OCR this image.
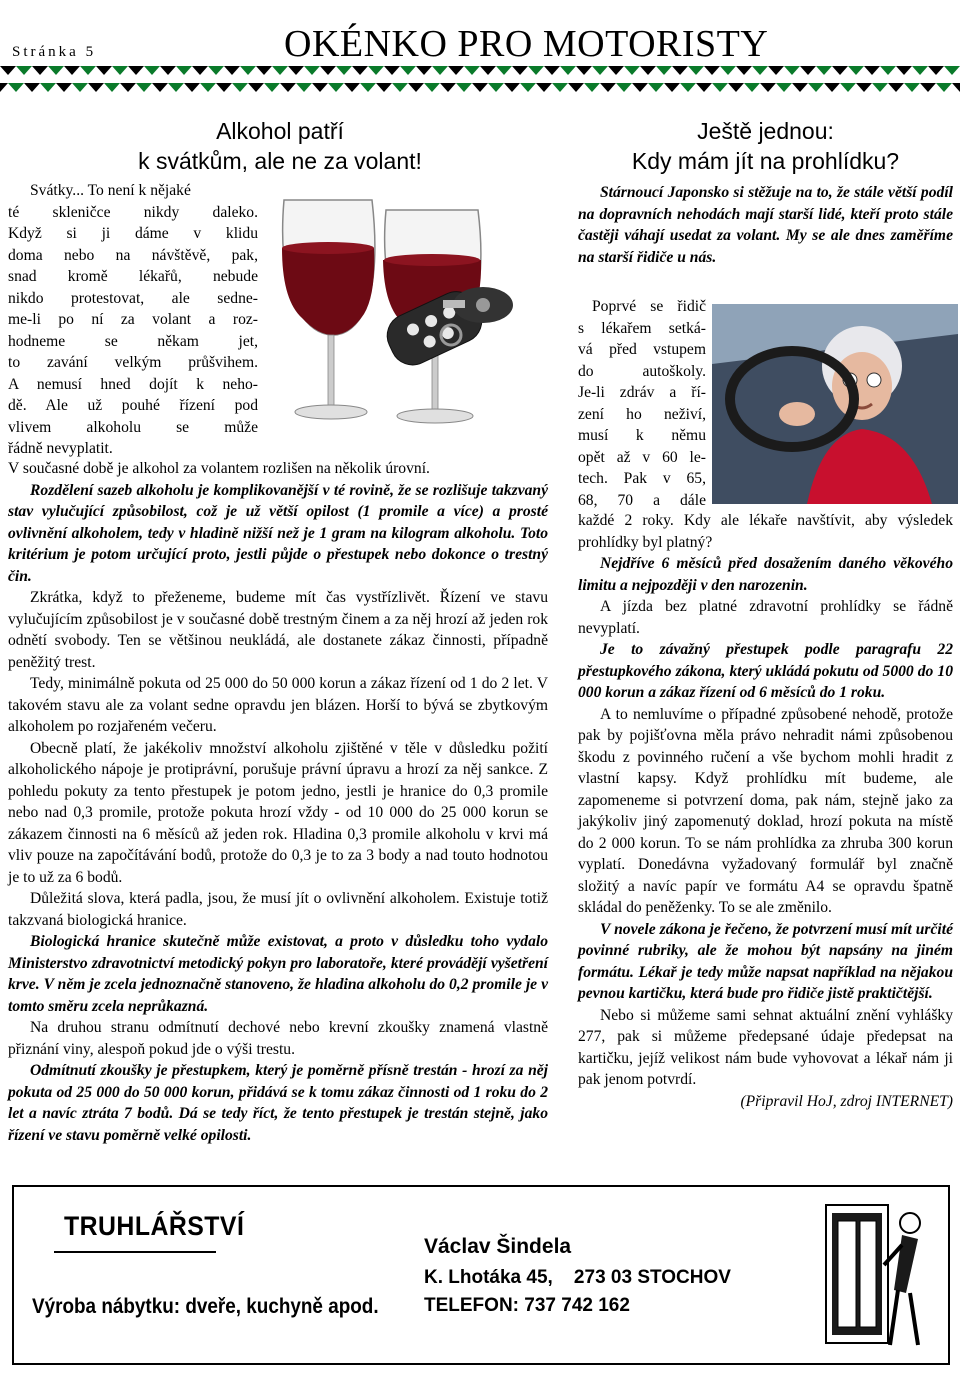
Stránka 5	OKÉNKO PRO MOTORISTY
Alkohol patří
k svátkům, ale ne za volant!
Svátky... To není k nějaké
té skleničce nikdy daleko.
Když si ji dáme v klidu
doma nebo na návštěvě, pak,
snad kromě lékařů, nebude
nikdo protestovat, ale sedne-
me-li po ní za volant a roz-
hodneme se někam jet,
to zavání velkým průšvihem.
A nemusí hned dojít k neho-
dě. Ale už pouhé řízení pod
vlivem alkoholu se může
řádně nevyplatit.

V současné době je alkohol za volantem rozlišen na několik úrovní.

Rozdělení sazeb alkoholu je komplikovanější v té rovině, že se rozlišuje takzvaný stav vylučující způsobilost, což je už větší opilost (1 promile a více) a prosté ovlivnění alkoholem, tedy v hladině nižší než je 1 gram na kilogram alkoholu. Toto kritérium je potom určující proto, jestli půjde o přestupek nebo dokonce o trestný čin.

Zkrátka, když to přeženeme, budeme mít čas vystřízlivět. Řízení ve stavu vylučujícím způsobilost je v současné době trestným činem a za něj hrozí až jeden rok odnětí svobody. Ten se většinou neukládá, ale dostanete zákaz činnosti, případně peněžitý trest.

Tedy, minimálně pokuta od 25 000 do 50 000 korun a zákaz řízení od 1 do 2 let. V takovém stavu ale za volant sedne opravdu jen blázen. Horší to bývá se zbytkovým alkoholem po rozjařeném večeru.

Obecně platí, že jakékoliv množství alkoholu zjištěné v těle v důsledku požití alkoholického nápoje je protiprávní, porušuje právní úpravu a hrozí za něj sankce. Z pohledu pokuty za tento přestupek je potom jedno, jestli je hranice do 0,3 promile nebo nad 0,3 promile, protože pokuta hrozí vždy - od 10 000 do 25 000 korun se zákazem činnosti na 6 měsíců až jeden rok. Hladina 0,3 promile alkoholu v krvi má vliv pouze na započítávání bodů, protože do 0,3 je to za 3 body a nad touto hodnotou je to už za 6 bodů.

Důležitá slova, která padla, jsou, že musí jít o ovlivnění alkoholem. Existuje totiž takzvaná biologická hranice.

Biologická hranice skutečně může existovat, a proto v důsledku toho vydalo Ministerstvo zdravotnictví metodický pokyn pro laboratoře, které provádějí vyšetření krve. V něm je zcela jednoznačně stanoveno, že hladina alkoholu do 0,2 promile je v tomto směru zcela neprůkazná.

Na druhou stranu odmítnutí dechové nebo krevní zkoušky znamená vlastně přiznání viny, alespoň pokud jde o výši trestu.

Odmítnutí zkoušky je přestupkem, který je poměrně přísně trestán - hrozí za něj pokuta od 25 000 do 50 000 korun, přidává se k tomu zákaz činnosti od 1 roku do 2 let a navíc ztráta 7 bodů. Dá se tedy říct, že tento přestupek je trestán stejně, jako řízení ve stavu poměrně velké opilosti.

Ještě jednou:
Kdy mám jít na prohlídku?
Stárnoucí Japonsko si stěžuje na to, že stále větší podíl na dopravních nehodách mají starší lidé, kteří proto stále častěji váhají usedat za volant. My se ale dnes zaměříme na starší řidiče u nás.
Poprvé se řidič
s lékařem setká-
vá před vstupem
do autoškoly.
Je-li zdráv a ří-
zení ho neživí,
musí k němu
opět až v 60 le-
tech. Pak v 65,
68, 70 a dále

každé 2 roky. Kdy ale lékaře navštívit, aby výsledek prohlídky byl platný?

Nejdříve 6 měsíců před dosažením daného věkového limitu a nejpozději v den narozenin.

A jízda bez platné zdravotní prohlídky se řádně nevyplatí.

Je to závažný přestupek podle paragrafu 22 přestupkového zákona, který ukládá pokutu od 5000 do 10 000 korun a zákaz řízení od 6 měsíců do 1 roku.

A to nemluvíme o případné způsobené nehodě, protože pak by pojišťovna měla právo nehradit námi způsobenou škodu z povinného ručení a vše bychom mohli hradit z vlastní kapsy. Když prohlídku mít budeme, ale zapomeneme si potvrzení doma, pak nám, stejně jako za jakýkoliv jiný zapomenutý doklad, hrozí pokuta na místě do 2 000 korun. To se nám prohlídka za zhruba 300 korun vyplatí. Donedávna vyžadovaný formulář byl značně složitý a navíc papír ve formátu A4 se opravdu špatně skládal do peněženky. To se ale změnilo.

V novele zákona je řečeno, že potvrzení musí mít určité povinné rubriky, ale že mohou být napsány na jiném formátu. Lékař je tedy může napsat například na nějakou pevnou kartičku, která bude pro řidiče jistě praktičtější.

Nebo si můžeme sami sehnat aktuální znění vyhlášky 277, pak si můžeme předepsané údaje předepsat na kartičku, jejíž velikost nám bude vyhovovat a lékař nám ji pak jenom potvrdí.

(Připravil HoJ, zdroj INTERNET)

TRUHLÁŘSTVÍ
Výroba nábytku: dveře, kuchyně apod.
Václav Šindela
K. Lhotáka 45,    273 03 STOCHOV
TELEFON: 737 742 162
